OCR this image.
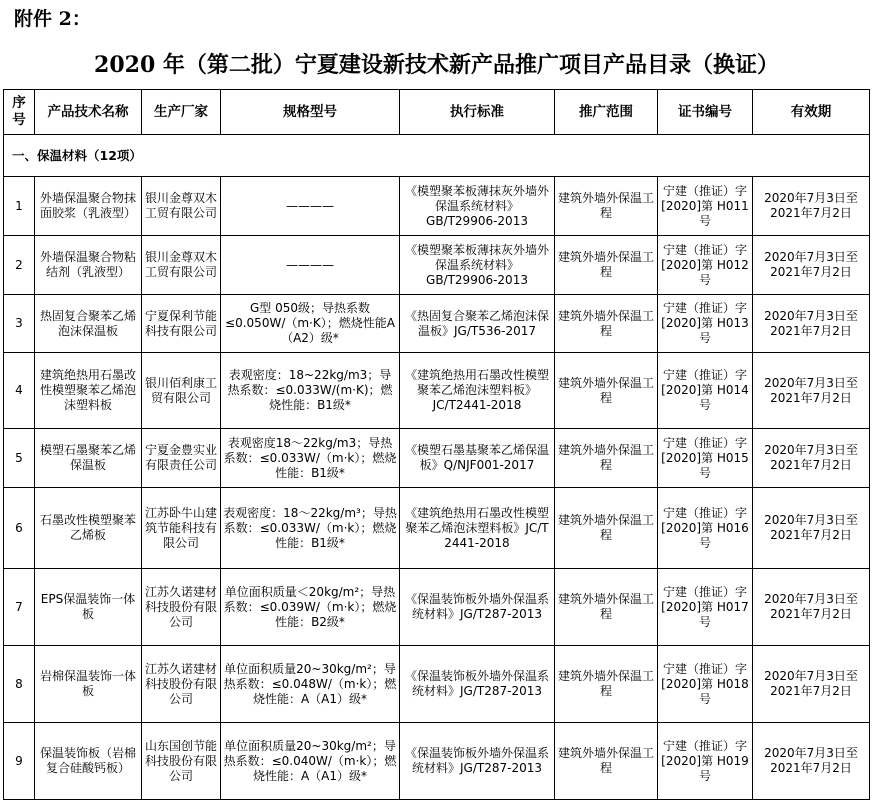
附件 2：
2020 年（第二批）宁夏建设新技术新产品推广项目产品目录（换证）
序号	产品技术名称	生产厂家	规格型号	执行标准	推广范围	证书编号	有效期
一、保温材料（12项）							
1	外墙保温聚合物抹面胶浆（乳液型）	银川金尊双木工贸有限公司	————	《模塑聚苯板薄抹灰外墙外保温系统材料》GB/T29906-2013	建筑外墙外保温工程	宁建（推证）字[2020]第 H011 号	2020年7月3日至2021年7月2日
2	外墙保温聚合物粘结剂（乳液型）	银川金尊双木工贸有限公司	————	《模塑聚苯板薄抹灰外墙外保温系统材料》GB/T29906-2013	建筑外墙外保温工程	宁建（推证）字[2020]第 H012 号	2020年7月3日至2021年7月2日
3	热固复合聚苯乙烯泡沫保温板	宁夏保利节能科技有限公司	G型 050级；导热系数≤0.050W/（m·K）；燃烧性能A（A2）级*	《热固复合聚苯乙烯泡沫保温板》JG/T536-2017	建筑外墙外保温工程	宁建（推证）字[2020]第 H013 号	2020年7月3日至2021年7月2日
4	建筑绝热用石墨改性模塑聚苯乙烯泡沫塑料板	银川佰利康工贸有限公司	表观密度：18~22kg/m3；导热系数：≤0.033W/(m·K)；燃烧性能：B1级*	《建筑绝热用石墨改性模塑聚苯乙烯泡沫塑料板》JC/T2441-2018	建筑外墙外保温工程	宁建（推证）字[2020]第 H014 号	2020年7月3日至2021年7月2日
5	模塑石墨聚苯乙烯保温板	宁夏金豊实业有限责任公司	表观密度18～22kg/m3；导热系数：≤0.033W/（m·k）；燃烧性能：B1级*	《模塑石墨基聚苯乙烯保温板》Q/NJF001-2017	建筑外墙外保温工程	宁建（推证）字[2020]第 H015 号	2020年7月3日至2021年7月2日
6	石墨改性模塑聚苯乙烯板	江苏卧牛山建筑节能科技有限公司	表观密度：18～22kg/m³；导热系数：≤0.033W/（m·k）；燃烧性能：B1级*	《建筑绝热用石墨改性模塑聚苯乙烯泡沫塑料板》JC/T 2441-2018	建筑外墙外保温工程	宁建（推证）字[2020]第 H016 号	2020年7月3日至2021年7月2日
7	EPS保温装饰一体板	江苏久诺建材科技股份有限公司	单位面积质量＜20kg/m²；导热系数：≤0.039W/（m·k）；燃烧性能：B2级*	《保温装饰板外墙外保温系统材料》JG/T287-2013	建筑外墙外保温工程	宁建（推证）字[2020]第 H017 号	2020年7月3日至2021年7月2日
8	岩棉保温装饰一体板	江苏久诺建材科技股份有限公司	单位面积质量20~30kg/m²；导热系数：≤0.048W/（m·k）；燃烧性能：A（A1）级*	《保温装饰板外墙外保温系统材料》JG/T287-2013	建筑外墙外保温工程	宁建（推证）字[2020]第 H018 号	2020年7月3日至2021年7月2日
9	保温装饰板（岩棉复合硅酸钙板）	山东国创节能科技股份有限公司	单位面积质量20~30kg/m²；导热系数：≤0.040W/（m·k）；燃烧性能：A（A1）级*	《保温装饰板外墙外保温系统材料》JG/T287-2013	建筑外墙外保温工程	宁建（推证）字[2020]第 H019 号	2020年7月3日至2021年7月2日
